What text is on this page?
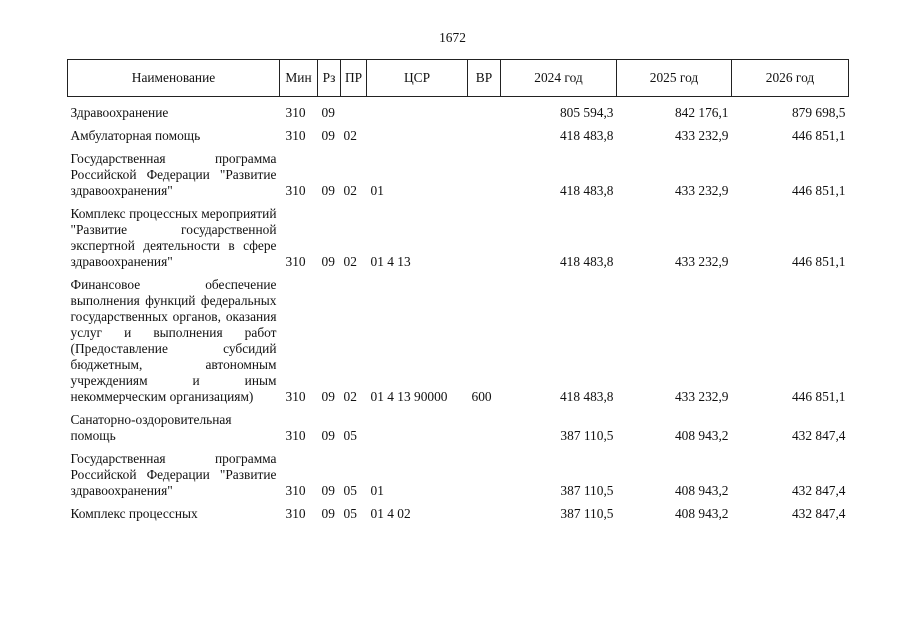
1672
Наименование	Мин	Рз	ПР	ЦСР	ВР	2024 год	2025 год	2026 год
Здравоохранение	310	09				805 594,3	842 176,1	879 698,5
Амбулаторная помощь	310	09	02			418 483,8	433 232,9	446 851,1
Государственная программа Российской Федерации "Развитие здравоохранения"	310	09	02	01		418 483,8	433 232,9	446 851,1
Комплекс процессных мероприятий "Развитие государственной экспертной деятельности в сфере здравоохранения"	310	09	02	01 4 13		418 483,8	433 232,9	446 851,1
Финансовое обеспечение выполнения функций федеральных государственных органов, оказания услуг и выполнения работ (Предоставление субсидий бюджетным, автономным учреждениям и иным некоммерческим организациям)	310	09	02	01 4 13 90000	600	418 483,8	433 232,9	446 851,1
Санаторно-оздоровительная помощь	310	09	05			387 110,5	408 943,2	432 847,4
Государственная программа Российской Федерации "Развитие здравоохранения"	310	09	05	01		387 110,5	408 943,2	432 847,4
Комплекс процессных	310	09	05	01 4 02		387 110,5	408 943,2	432 847,4
